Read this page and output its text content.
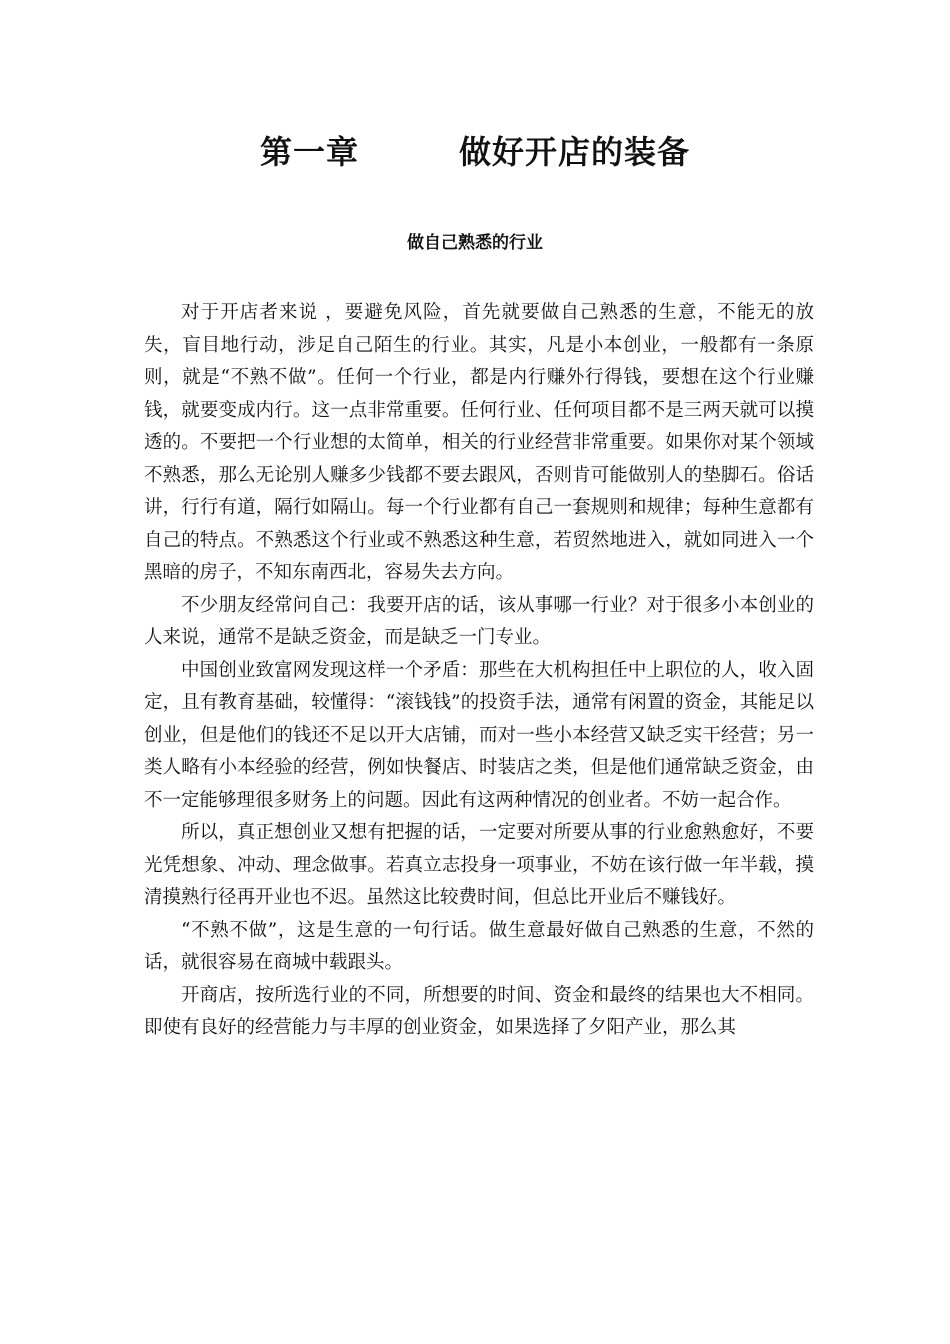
第一章	做好开店的装备
做自己熟悉的行业

对于开店者来说 ，要避免风险，首先就要做自己熟悉的生意，不能无的放失，盲目地行动，涉足自己陌生的行业。其实，凡是小本创业，一般都有一条原则，就是“不熟不做”。任何一个行业，都是内行赚外行得钱，要想在这个行业赚钱，就要变成内行。这一点非常重要。任何行业、任何项目都不是三两天就可以摸透的。不要把一个行业想的太简单，相关的行业经营非常重要。如果你对某个领域不熟悉，那么无论别人赚多少钱都不要去跟风，否则肯可能做别人的垫脚石。俗话讲，行行有道，隔行如隔山。每一个行业都有自己一套规则和规律；每种生意都有自己的特点。不熟悉这个行业或不熟悉这种生意，若贸然地进入，就如同进入一个黑暗的房子，不知东南西北，容易失去方向。

不少朋友经常问自己：我要开店的话，该从事哪一行业？对于很多小本创业的人来说，通常不是缺乏资金，而是缺乏一门专业。

中国创业致富网发现这样一个矛盾：那些在大机构担任中上职位的人，收入固定，且有教育基础，较懂得：“滚钱钱”的投资手法，通常有闲置的资金，其能足以创业，但是他们的钱还不足以开大店铺，而对一些小本经营又缺乏实干经营；另一类人略有小本经验的经营，例如快餐店、时装店之类，但是他们通常缺乏资金，由不一定能够理很多财务上的问题。因此有这两种情况的创业者。不妨一起合作。

所以，真正想创业又想有把握的话，一定要对所要从事的行业愈熟愈好，不要光凭想象、冲动、理念做事。若真立志投身一项事业，不妨在该行做一年半载，摸清摸熟行径再开业也不迟。虽然这比较费时间，但总比开业后不赚钱好。

“不熟不做”，这是生意的一句行话。做生意最好做自己熟悉的生意，不然的话，就很容易在商城中载跟头。

开商店，按所选行业的不同，所想要的时间、资金和最终的结果也大不相同。即使有良好的经营能力与丰厚的创业资金，如果选择了夕阳产业，那么其
